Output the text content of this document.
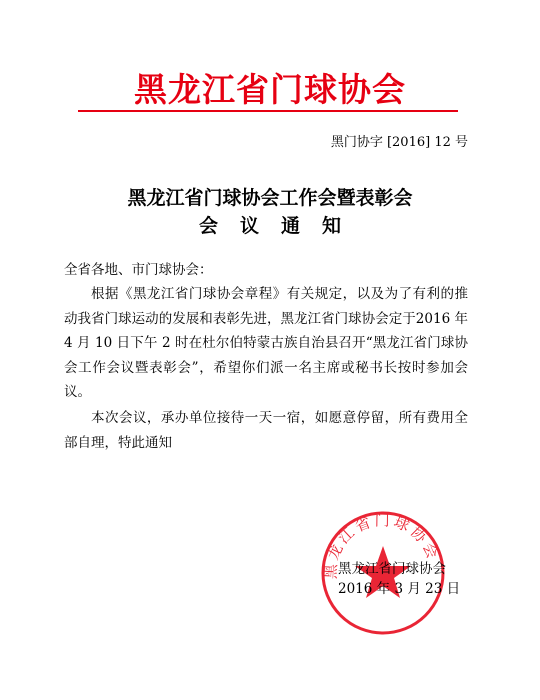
黑龙江省门球协会
黑门协字 [2016] 12 号
黑龙江省门球协会工作会暨表彰会
会议通知
全省各地、市门球协会：

根据《黑龙江省门球协会章程》有关规定，以及为了有利的推动我省门球运动的发展和表彰先进，黑龙江省门球协会定于2016 年 4 月 10 日下午 2 时在杜尔伯特蒙古族自治县召开“黑龙江省门球协会工作会议暨表彰会”，希望你们派一名主席或秘书长按时参加会议。

本次会议，承办单位接待一天一宿，如愿意停留，所有费用全部自理，特此通知

黑龙江省门球协会
黑龙江省门球协会
2016 年 3 月 23 日
